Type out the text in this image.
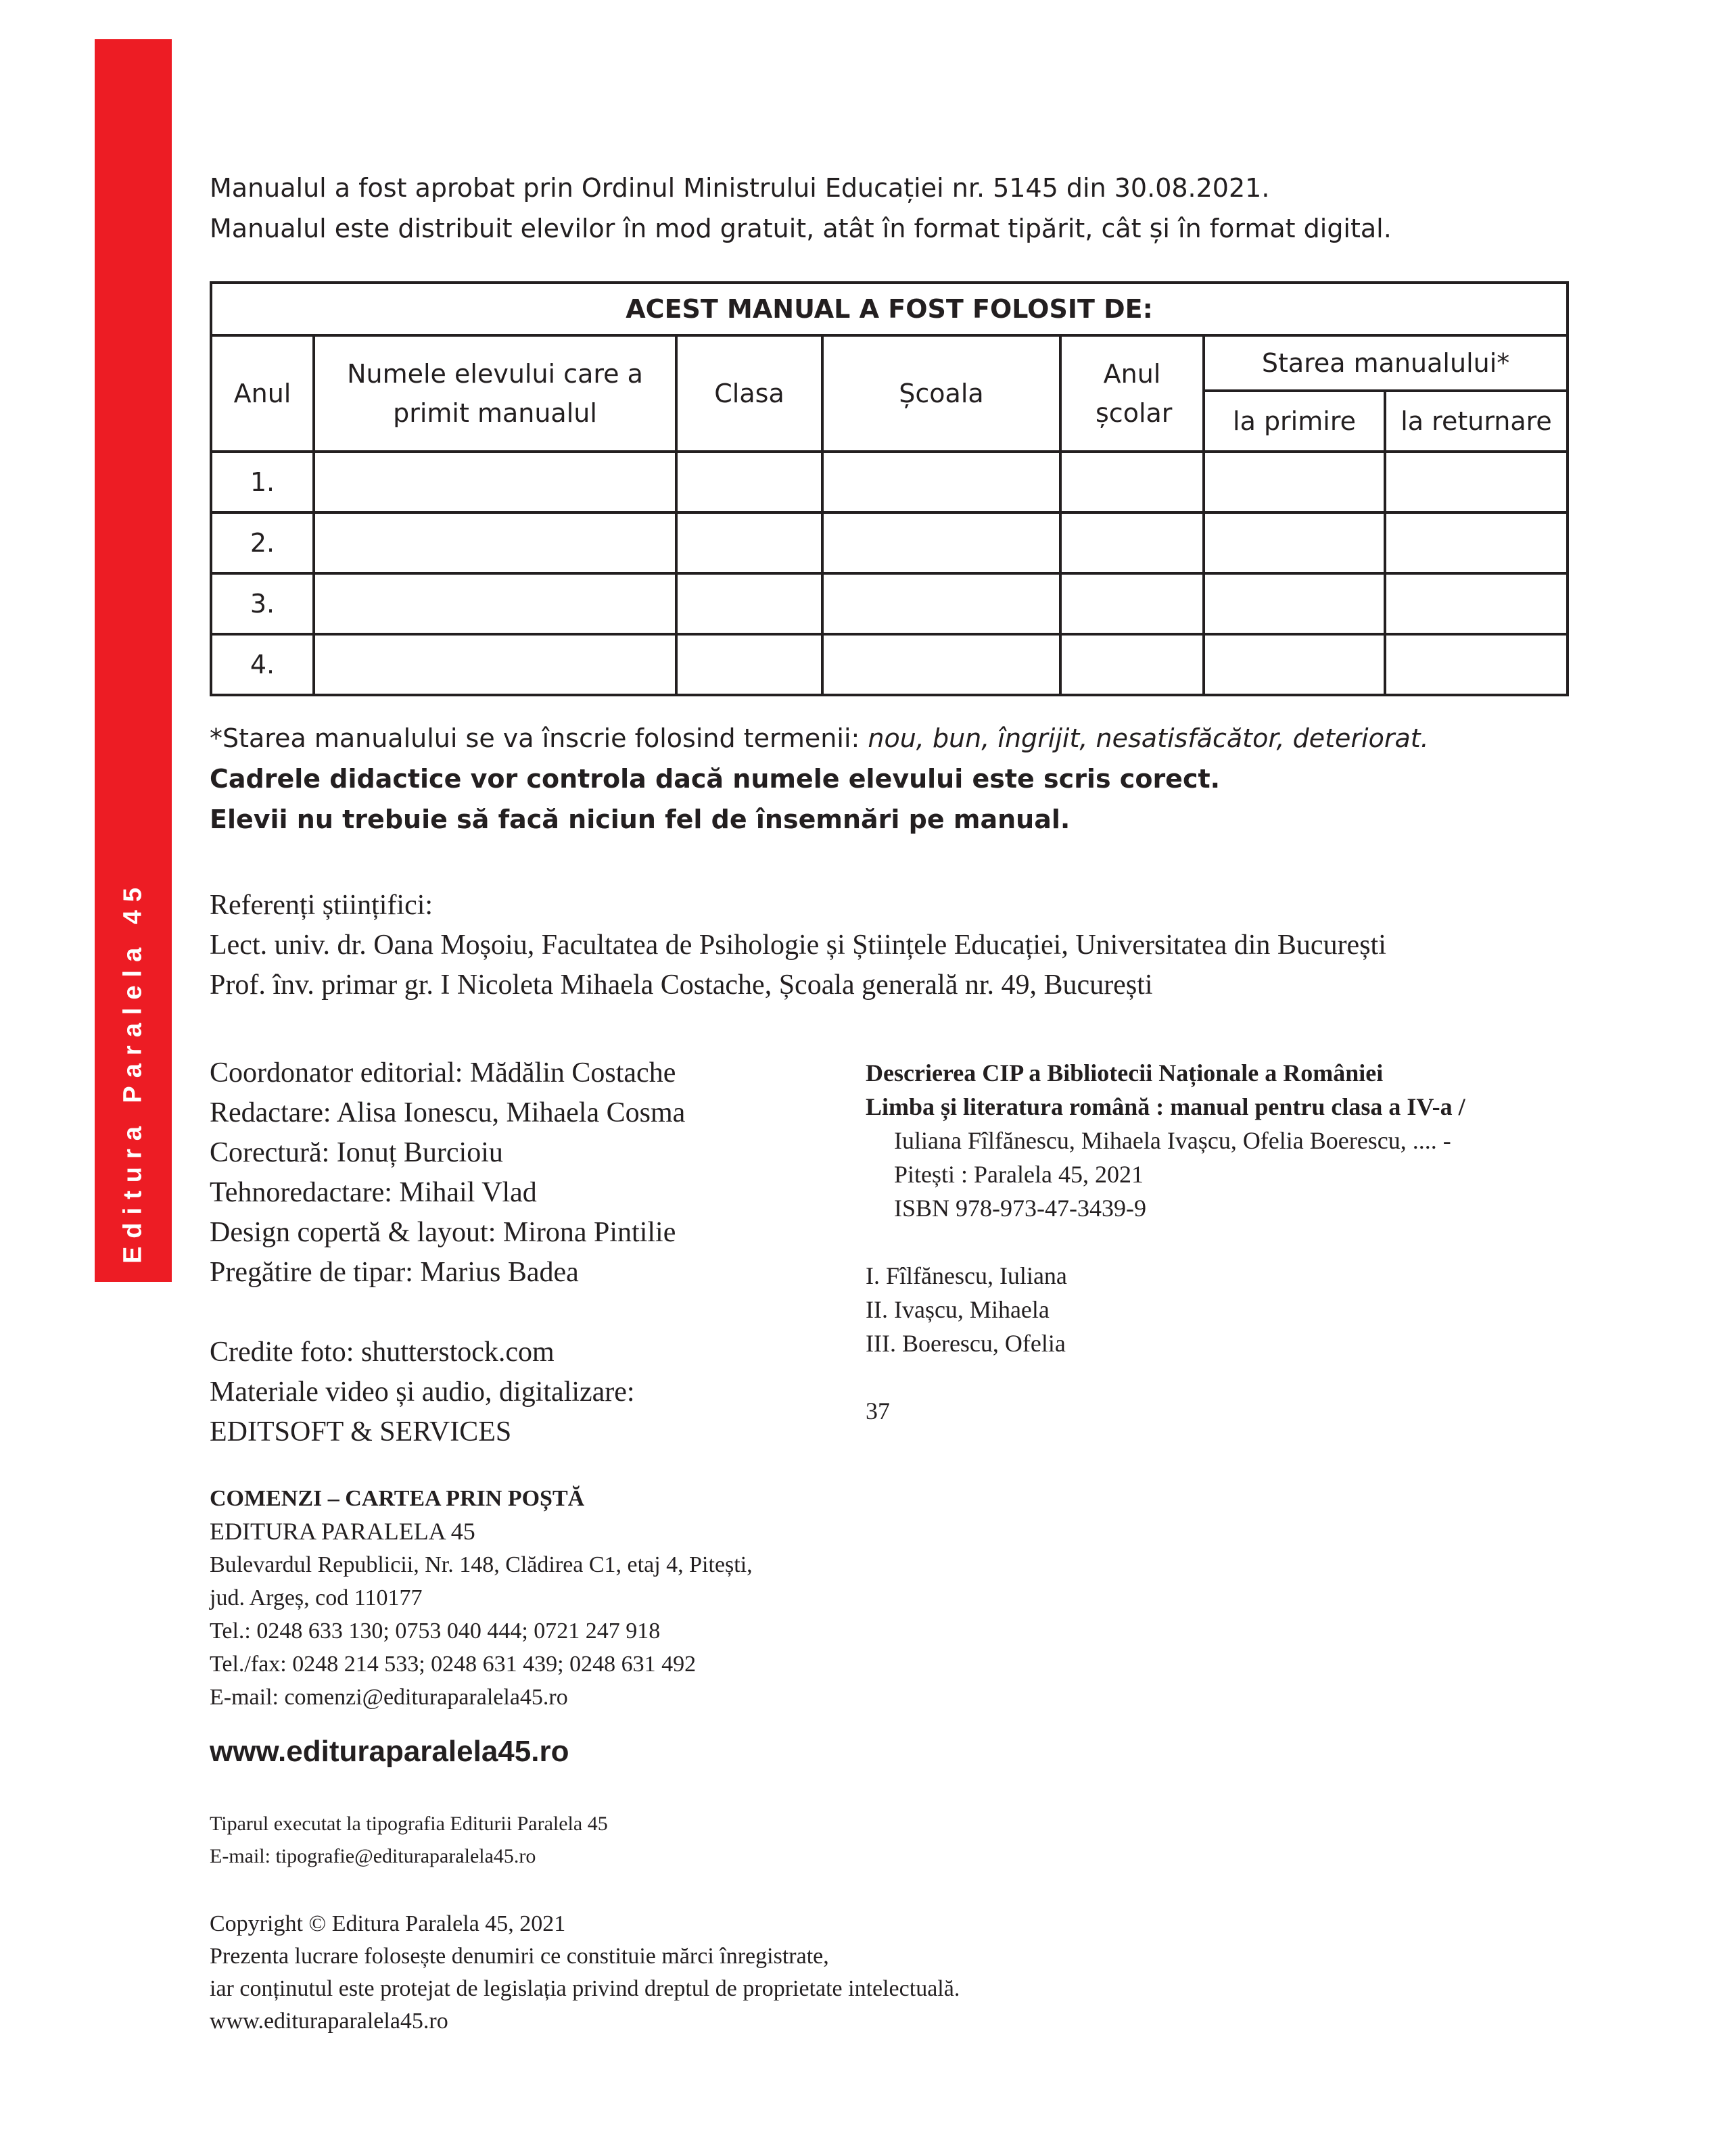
Editura Paralela 45
Manualul a fost aprobat prin Ordinul Ministrului Educației nr. 5145 din 30.08.2021.
Manualul este distribuit elevilor în mod gratuit, atât în format tipărit, cât și în format digital.
ACEST MANUAL A FOST FOLOSIT DE:						
Anul	Numele elevului care a primit manualul	Clasa	Școala	Anul școlar	Starea manualului*	
					la primire	la returnare
1.						
2.						
3.						
4.						
*Starea manualului se va înscrie folosind termenii: nou, bun, îngrijit, nesatisfăcător, deteriorat.
Cadrele didactice vor controla dacă numele elevului este scris corect.
Elevii nu trebuie să facă niciun fel de însemnări pe manual.
Referenți științifici:
Lect. univ. dr. Oana Moșoiu, Facultatea de Psihologie și Științele Educației, Universitatea din București
Prof. înv. primar gr. I Nicoleta Mihaela Costache, Școala generală nr. 49, București
Coordonator editorial: Mădălin Costache
Redactare: Alisa Ionescu, Mihaela Cosma
Corectură: Ionuț Burcioiu
Tehnoredactare: Mihail Vlad
Design copertă & layout: Mirona Pintilie
Pregătire de tipar: Marius Badea
Credite foto: shutterstock.com
Materiale video și audio, digitalizare:
EDITSOFT & SERVICES
Descrierea CIP a Bibliotecii Naționale a României
Limba și literatura română : manual pentru clasa a IV-a /
Iuliana Fîlfănescu, Mihaela Ivașcu, Ofelia Boerescu, .... -
Pitești : Paralela 45, 2021
ISBN 978-973-47-3439-9
I. Fîlfănescu, Iuliana
II. Ivașcu, Mihaela
III. Boerescu, Ofelia
37
COMENZI – CARTEA PRIN POȘTĂ
EDITURA PARALELA 45
Bulevardul Republicii, Nr. 148, Clădirea C1, etaj 4, Pitești,
jud. Argeș, cod 110177
Tel.: 0248 633 130; 0753 040 444; 0721 247 918
Tel./fax: 0248 214 533; 0248 631 439; 0248 631 492
E-mail: comenzi@edituraparalela45.ro
www.edituraparalela45.ro
Tiparul executat la tipografia Editurii Paralela 45
E-mail: tipografie@edituraparalela45.ro
Copyright © Editura Paralela 45, 2021
Prezenta lucrare folosește denumiri ce constituie mărci înregistrate,
iar conținutul este protejat de legislația privind dreptul de proprietate intelectuală.
www.edituraparalela45.ro
